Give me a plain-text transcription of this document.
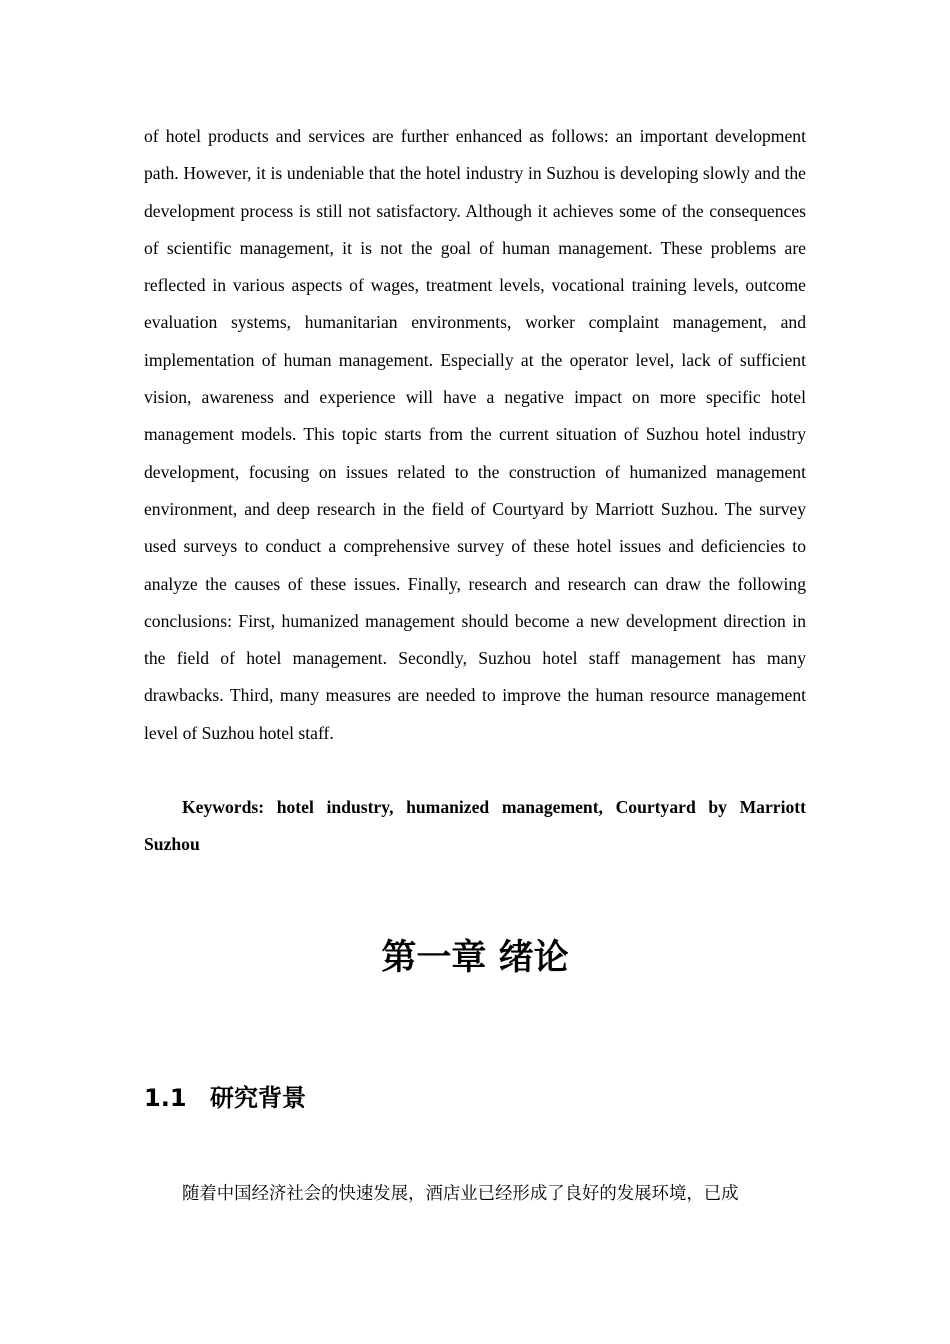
of hotel products and services are further enhanced as follows: an important development path. However, it is undeniable that the hotel industry in Suzhou is developing slowly and the development process is still not satisfactory. Although it achieves some of the consequences of scientific management, it is not the goal of human management. These problems are reflected in various aspects of wages, treatment levels, vocational training levels, outcome evaluation systems, humanitarian environments, worker complaint management, and implementation of human management. Especially at the operator level, lack of sufficient vision, awareness and experience will have a negative impact on more specific hotel management models. This topic starts from the current situation of Suzhou hotel industry development, focusing on issues related to the construction of humanized management environment, and deep research in the field of Courtyard by Marriott Suzhou. The survey used surveys to conduct a comprehensive survey of these hotel issues and deficiencies to analyze the causes of these issues. Finally, research and research can draw the following conclusions: First, humanized management should become a new development direction in the field of hotel management. Secondly, Suzhou hotel staff management has many drawbacks. Third, many measures are needed to improve the human resource management level of Suzhou hotel staff.

Keywords: hotel industry, humanized management, Courtyard by Marriott Suzhou

第一章 绪论
1.1 研究背景

随着中国经济社会的快速发展，酒店业已经形成了良好的发展环境，已成
